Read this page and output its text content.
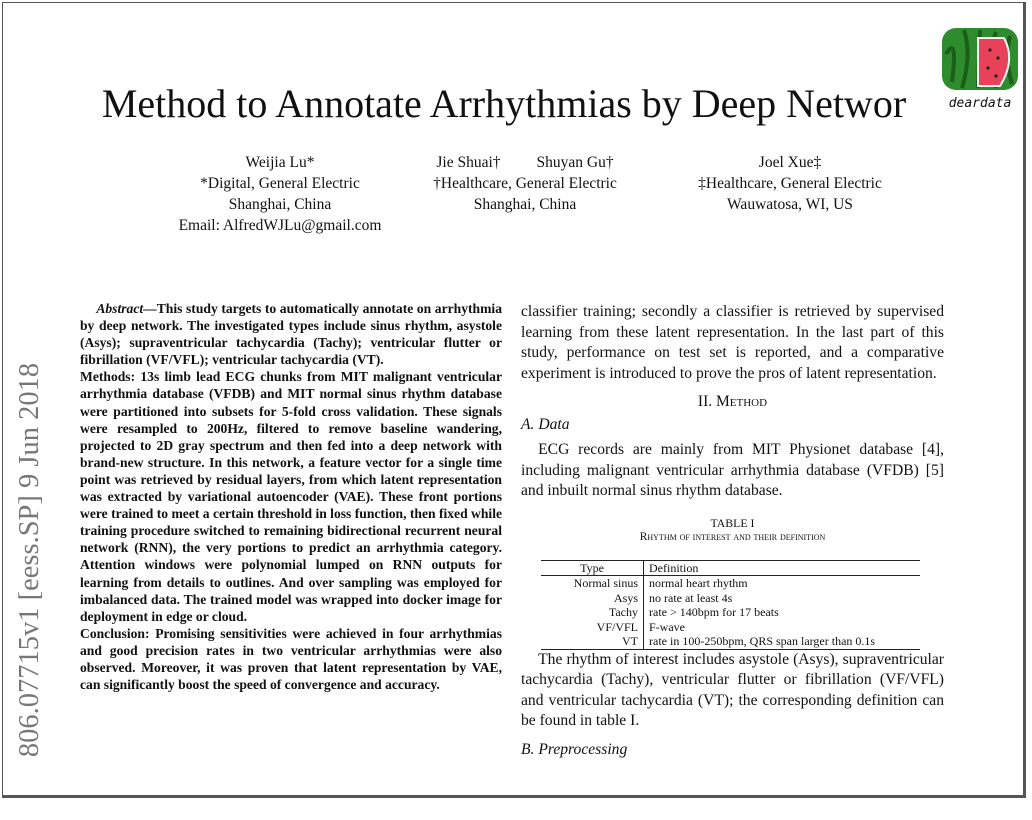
Method to Annotate Arrhythmias by Deep Networ	deardata
Weijia Lu*
*Digital, General Electric
Shanghai, China
Email: AlfredWJLu@gmail.com
Jie Shuai† Shuyan Gu†
†Healthcare, General Electric
Shanghai, China
Joel Xue‡
‡Healthcare, General Electric
Wauwatosa, WI, US
806.07715v1 [eess.SP] 9 Jun 2018

Abstract—This study targets to automatically annotate on arrhythmia by deep network. The investigated types include sinus rhythm, asystole (Asys); supraventricular tachycardia (Tachy); ventricular flutter or fibrillation (VF/VFL); ventricular tachycardia (VT).

Methods: 13s limb lead ECG chunks from MIT malignant ventricular arrhythmia database (VFDB) and MIT normal sinus rhythm database were partitioned into subsets for 5-fold cross validation. These signals were resampled to 200Hz, filtered to remove baseline wandering, projected to 2D gray spectrum and then fed into a deep network with brand-new structure. In this network, a feature vector for a single time point was retrieved by residual layers, from which latent representation was extracted by variational autoencoder (VAE). These front portions were trained to meet a certain threshold in loss function, then fixed while training procedure switched to remaining bidirectional recurrent neural network (RNN), the very portions to predict an arrhythmia category. Attention windows were polynomial lumped on RNN outputs for learning from details to outlines. And over sampling was employed for imbalanced data. The trained model was wrapped into docker image for deployment in edge or cloud.

Conclusion: Promising sensitivities were achieved in four arrhythmias and good precision rates in two ventricular arrhythmias were also observed. Moreover, it was proven that latent representation by VAE, can significantly boost the speed of convergence and accuracy.

classifier training; secondly a classifier is retrieved by supervised learning from these latent representation. In the last part of this study, performance on test set is reported, and a comparative experiment is introduced to prove the pros of latent representation.

II. Method
A. Data

ECG records are mainly from MIT Physionet database [4], including malignant ventricular arrhythmia database (VFDB) [5] and inbuilt normal sinus rhythm database.

TABLE I
Rhythm of interest and their definition
Type	Definition
Normal sinus	normal heart rhythm
Asys	no rate at least 4s
Tachy	rate > 140bpm for 17 beats
VF/VFL	F-wave
VT	rate in 100-250bpm, QRS span larger than 0.1s

The rhythm of interest includes asystole (Asys), supraventricular tachycardia (Tachy), ventricular flutter or fibrillation (VF/VFL) and ventricular tachycardia (VT); the corresponding definition can be found in table I.

B. Preprocessing
